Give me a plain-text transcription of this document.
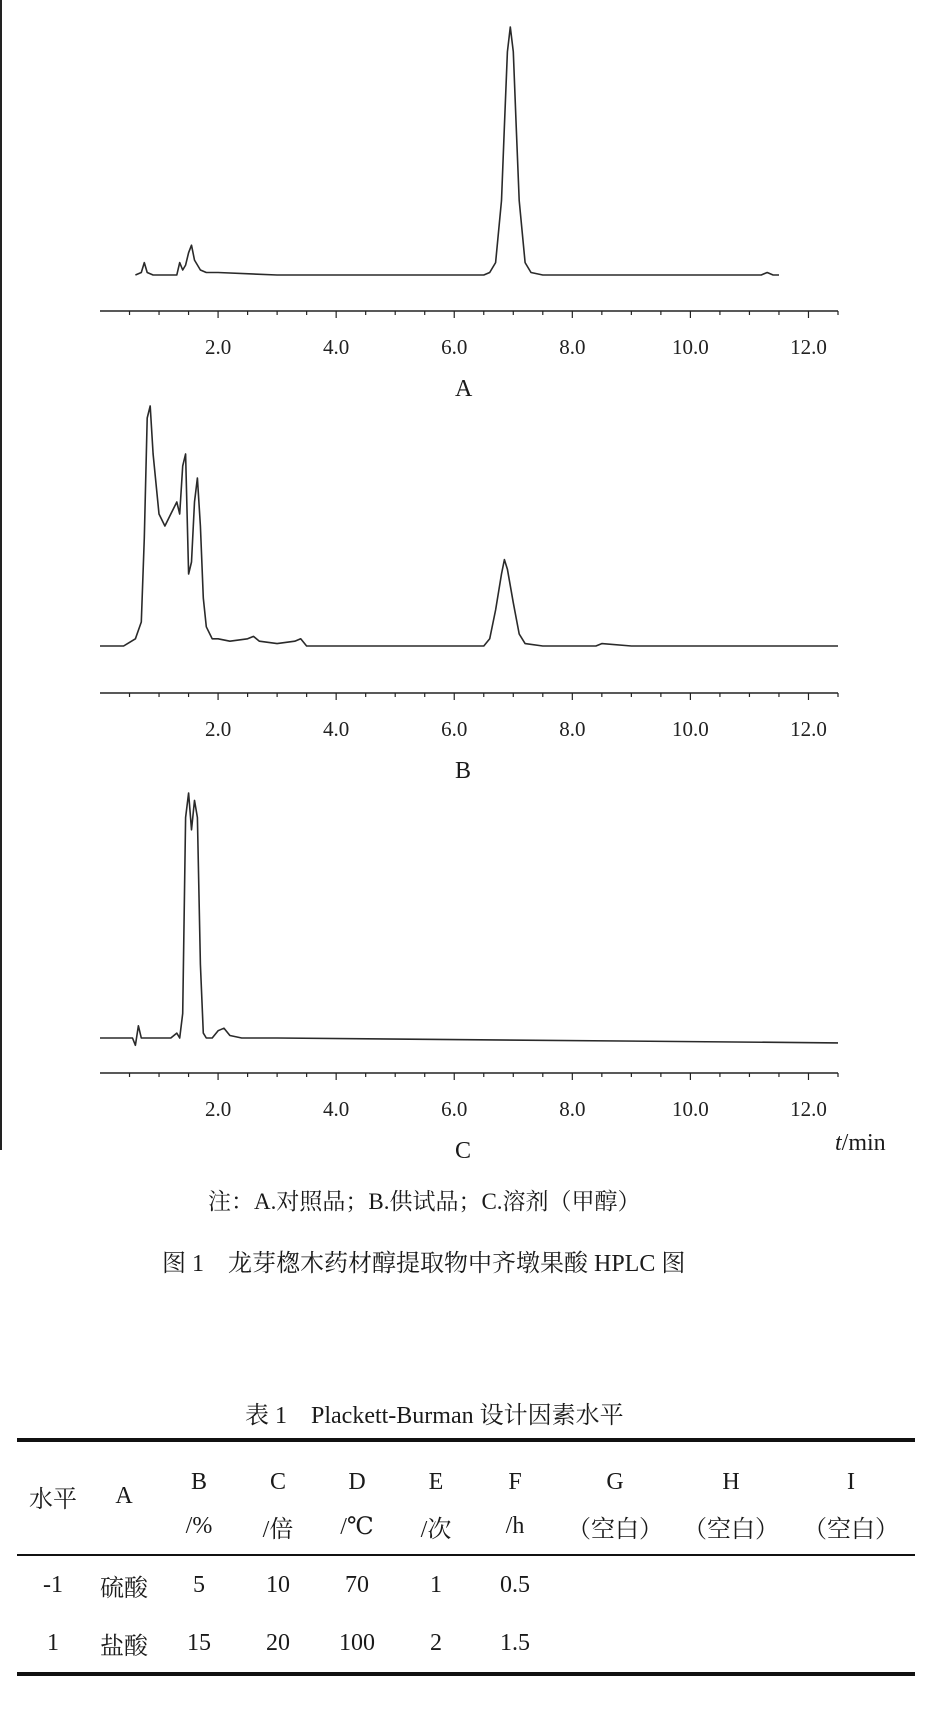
2.0	4.0	6.0	8.0	10.0	12.0
2.0	4.0	6.0	8.0	10.0	12.0
2.0	4.0	6.0	8.0	10.0	12.0
A
B
C	t/min
注：A.对照品；B.供试品；C.溶剂（甲醇）
图 1　龙芽楤木药材醇提取物中齐墩果酸 HPLC 图
表 1　Plackett-Burman 设计因素水平
水平	A	B	C	D	E	F	G	H	I
		/%	/倍	/℃	/次	/h	（空白）	（空白）	（空白）
-1	硫酸	5	10	70	1	0.5			
1	盐酸	15	20	100	2	1.5			
